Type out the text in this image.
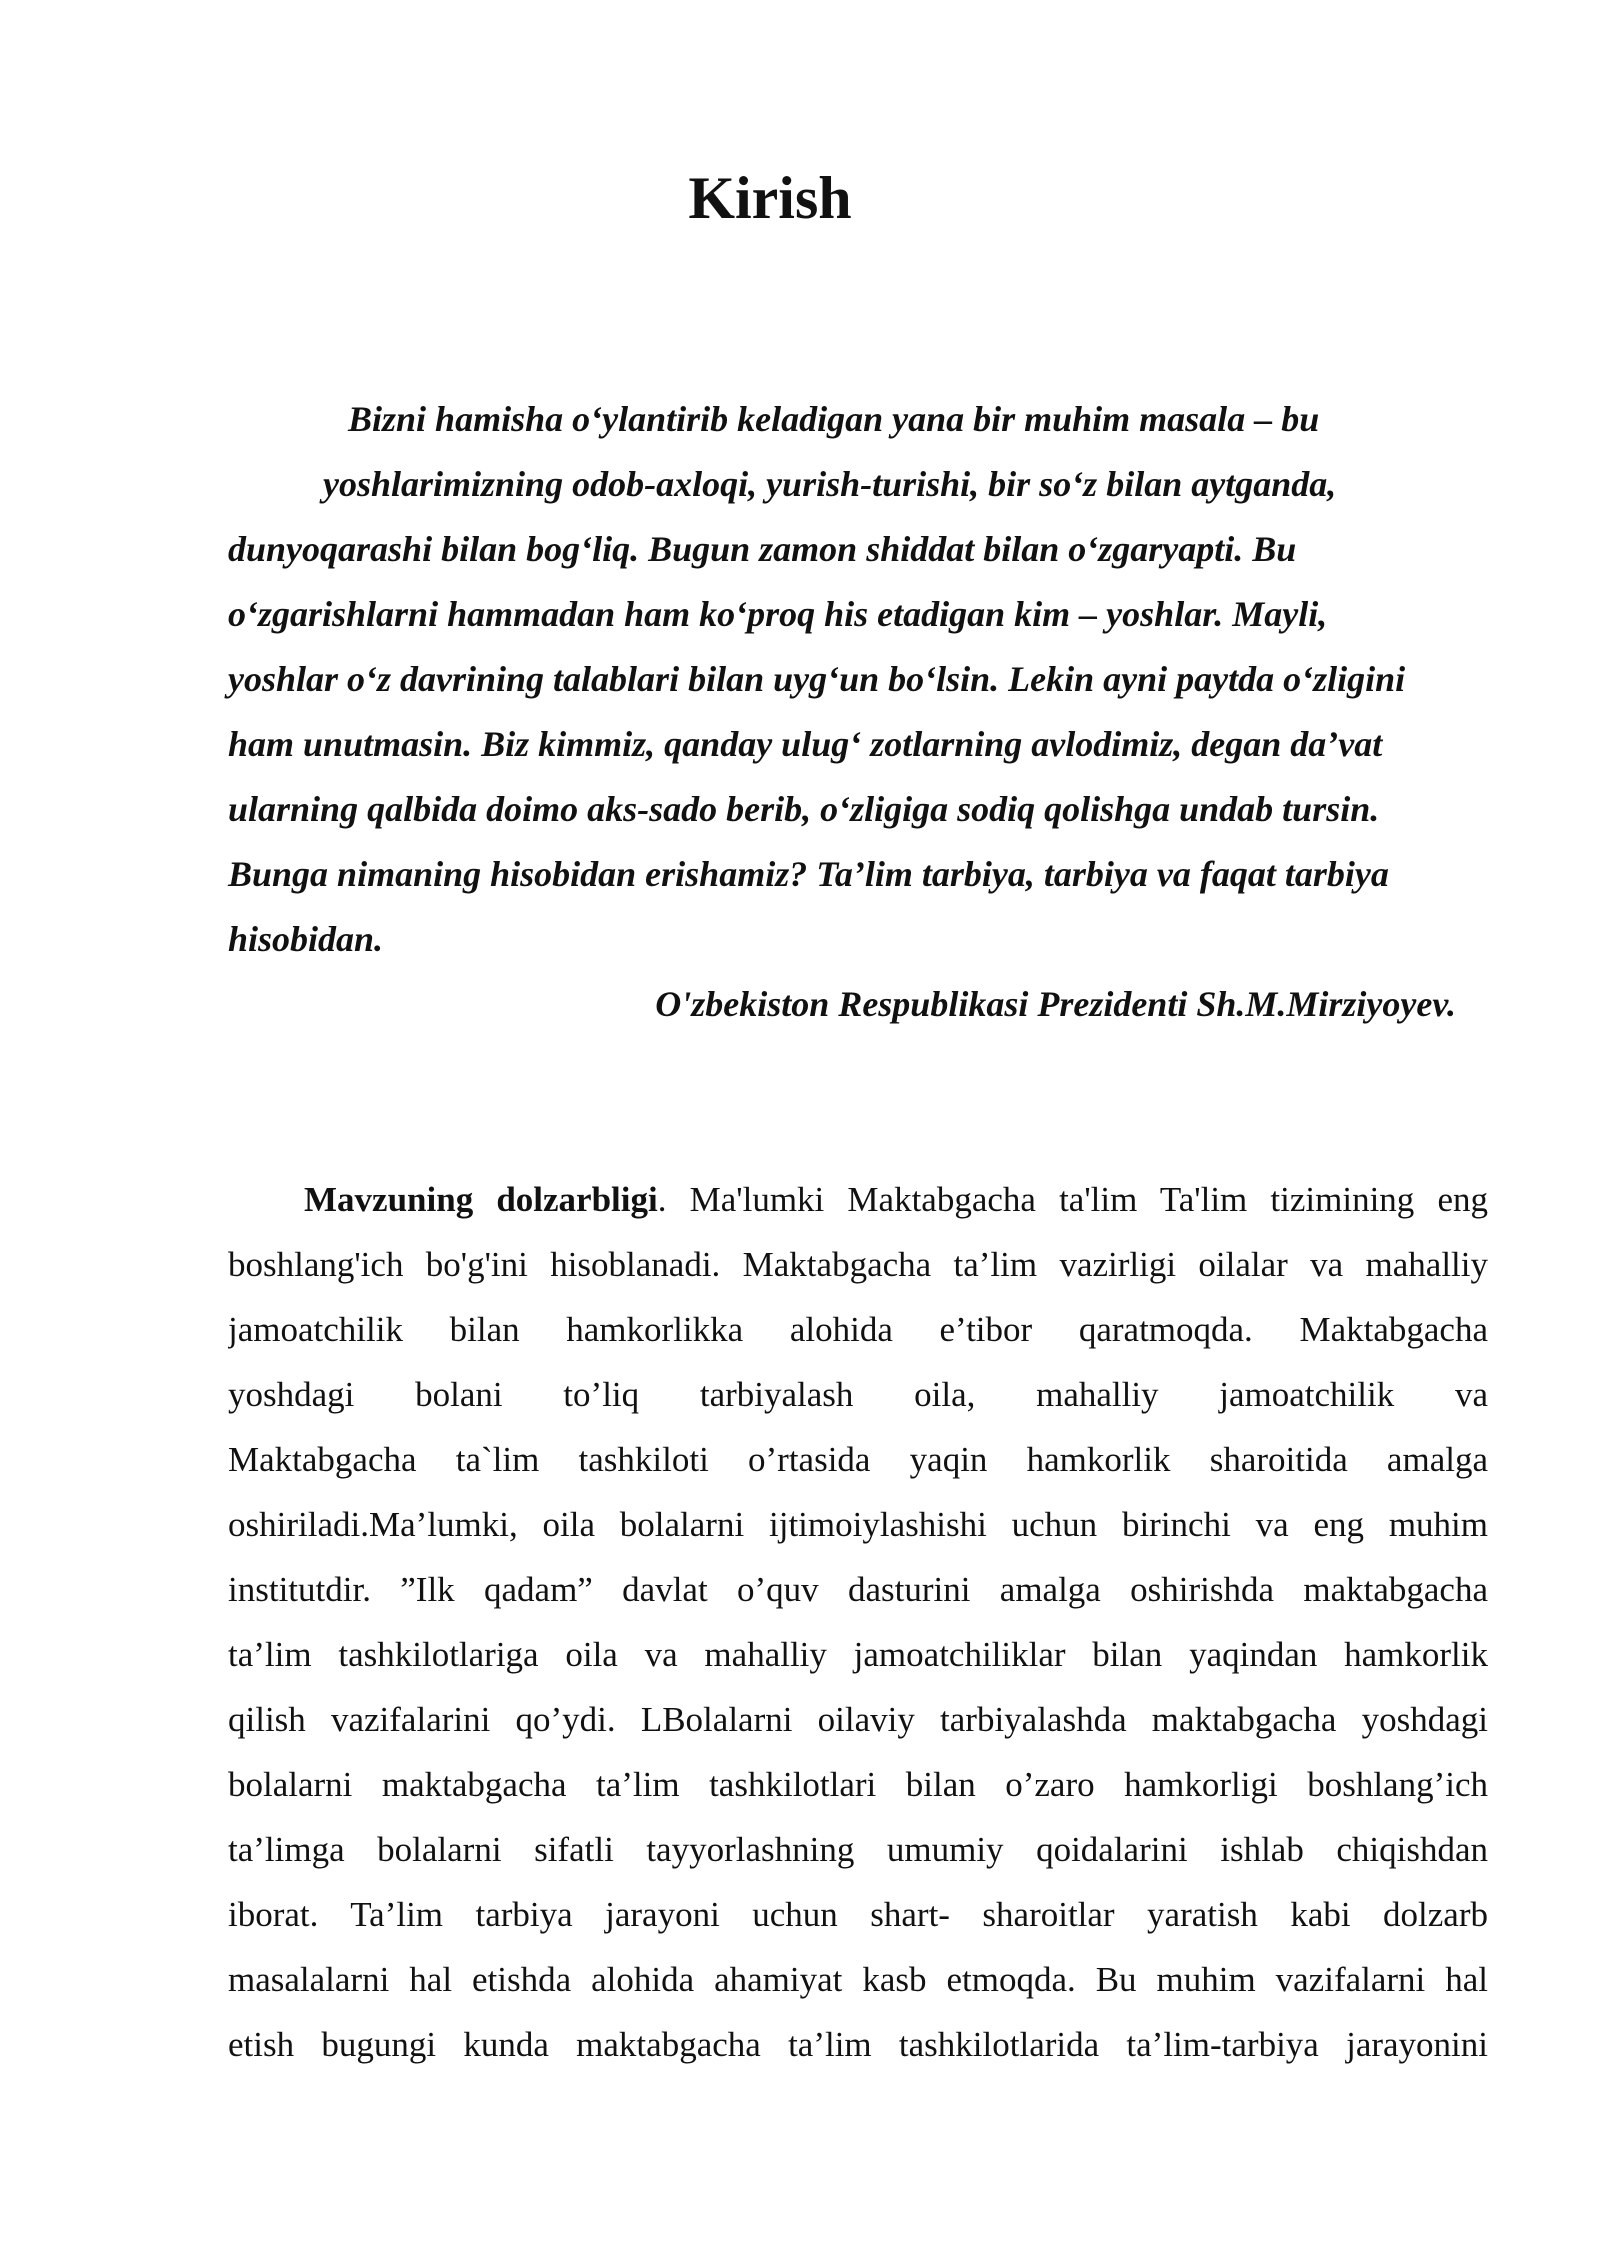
Kirish
Bizni hamisha o‘ylantirib keladigan yana bir muhim masala – bu
yoshlarimizning odob-axloqi, yurish-turishi, bir so‘z bilan aytganda,
dunyoqarashi bilan bog‘liq. Bugun zamon shiddat bilan o‘zgaryapti. Bu
o‘zgarishlarni hammadan ham ko‘proq his etadigan kim – yoshlar. Mayli,
yoshlar o‘z davrining talablari bilan uyg‘un bo‘lsin. Lekin ayni paytda o‘zligini
ham unutmasin. Biz kimmiz, qanday ulug‘ zotlarning avlodimiz, degan da’vat
ularning qalbida doimo aks-sado berib, o‘zligiga sodiq qolishga undab tursin.
Bunga nimaning hisobidan erishamiz? Ta’lim tarbiya, tarbiya va faqat tarbiya
hisobidan.
O'zbekiston Respublikasi Prezidenti Sh.M.Mirziyoyev.
Mavzuning dolzarbligi. Ma'lumki Maktabgacha ta'lim Ta'lim tizimining eng
boshlang'ich bo'g'ini hisoblanadi. Maktabgacha ta’lim vazirligi oilalar va mahalliy
jamoatchilik bilan hamkorlikka alohida e’tibor qaratmoqda. Maktabgacha
yoshdagi bolani to’liq tarbiyalash oila, mahalliy jamoatchilik va
Maktabgacha ta`lim tashkiloti o’rtasida yaqin hamkorlik sharoitida amalga
oshiriladi.Ma’lumki, oila bolalarni ijtimoiylashishi uchun birinchi va eng muhim
institutdir. ”Ilk qadam” davlat o’quv dasturini amalga oshirishda maktabgacha
ta’lim tashkilotlariga oila va mahalliy jamoatchiliklar bilan yaqindan hamkorlik
qilish vazifalarini qo’ydi. LBolalarni oilaviy tarbiyalashda maktabgacha yoshdagi
bolalarni maktabgacha ta’lim tashkilotlari bilan o’zaro hamkorligi boshlang’ich
ta’limga bolalarni sifatli tayyorlashning umumiy qoidalarini ishlab chiqishdan
iborat. Ta’lim tarbiya jarayoni uchun shart- sharoitlar yaratish kabi dolzarb
masalalarni hal etishda alohida ahamiyat kasb etmoqda. Bu muhim vazifalarni hal
etish bugungi kunda maktabgacha ta’lim tashkilotlarida ta’lim-tarbiya jarayonini
